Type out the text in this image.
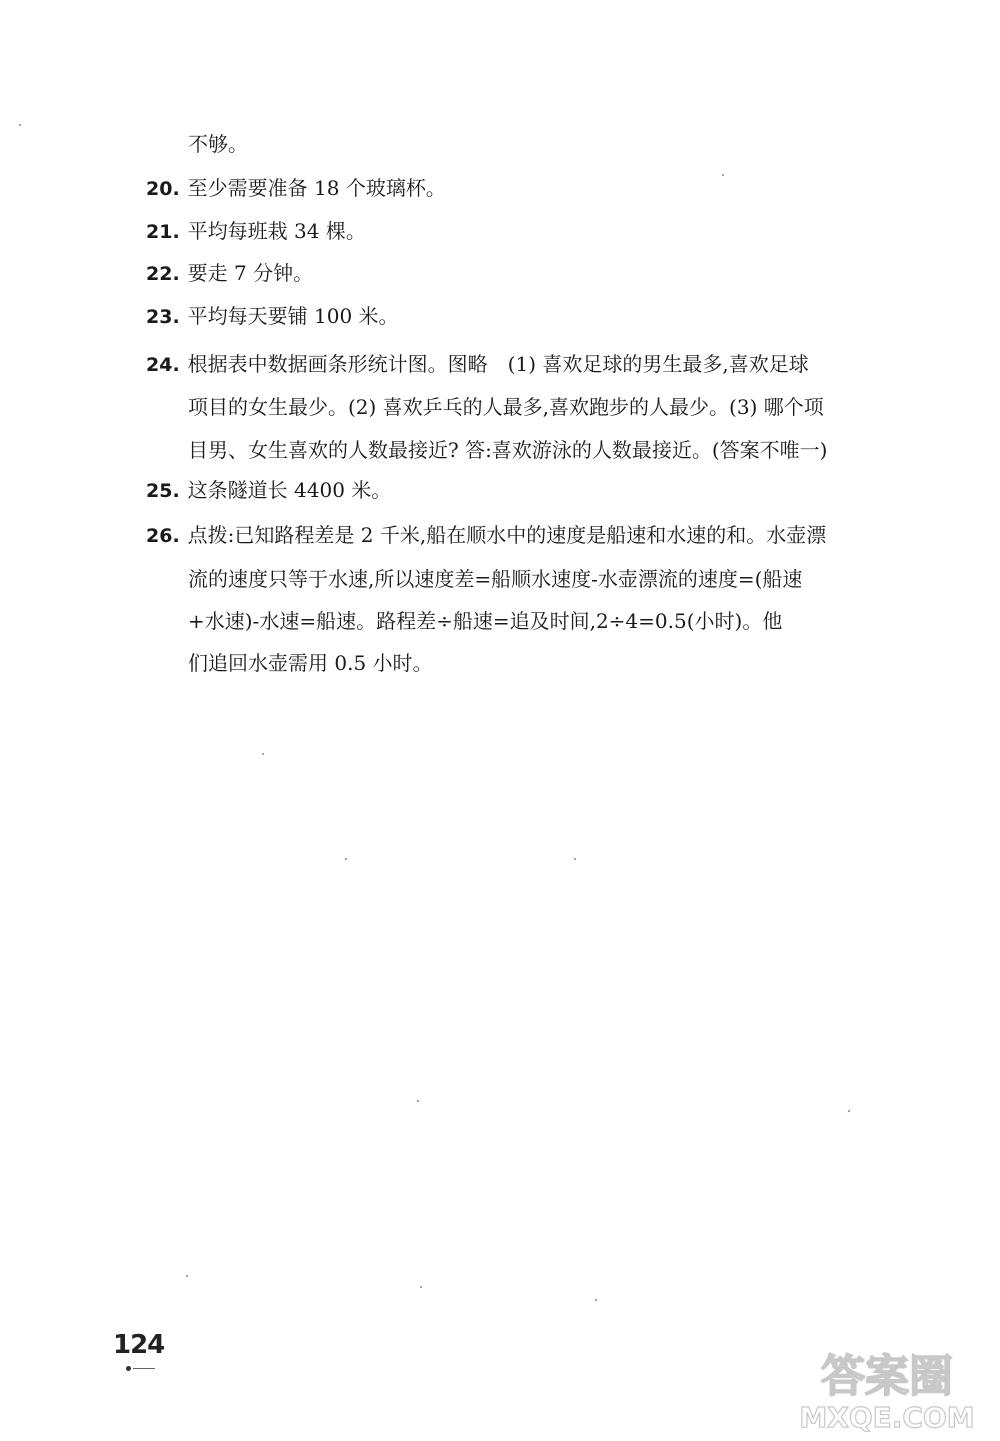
不够。
20. 至少需要准备 18 个玻璃杯。
21. 平均每班栽 34 棵。
22. 要走 7 分钟。
23. 平均每天要铺 100 米。
24. 根据表中数据画条形统计图。图略　(1) 喜欢足球的男生最多,喜欢足球
项目的女生最少。(2) 喜欢乒乓的人最多,喜欢跑步的人最少。(3) 哪个项
目男、女生喜欢的人数最接近? 答:喜欢游泳的人数最接近。(答案不唯一)
25. 这条隧道长 4400 米。
26. 点拨:已知路程差是 2 千米,船在顺水中的速度是船速和水速的和。水壶漂
流的速度只等于水速,所以速度差=船顺水速度-水壶漂流的速度=(船速
+水速)-水速=船速。路程差÷船速=追及时间,2÷4=0.5(小时)。他
们追回水壶需用 0.5 小时。
124
答案圈
MXQE.COM
